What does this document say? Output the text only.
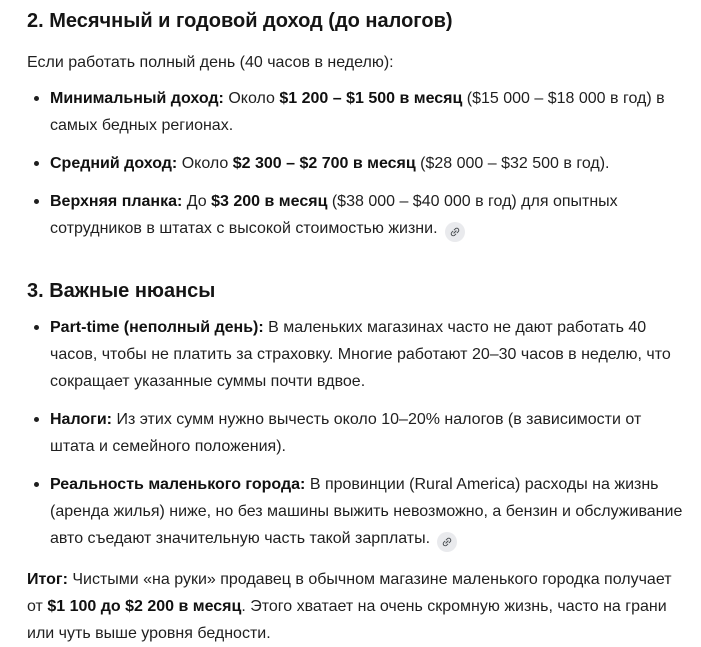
2. Месячный и годовой доход (до налогов)

Если работать полный день (40 часов в неделю):

Минимальный доход: Около $1 200 – $1 500 в месяц ($15 000 – $18 000 в год) в самых бедных регионах.
Средний доход: Около $2 300 – $2 700 в месяц ($28 000 – $32 500 в год).
Верхняя планка: До $3 200 в месяц ($38 000 – $40 000 в год) для опытных сотрудников в штатах с высокой стоимостью жизни.
3. Важные нюансы
Part-time (неполный день): В маленьких магазинах часто не дают работать 40 часов, чтобы не платить за страховку. Многие работают 20–30 часов в неделю, что сокращает указанные суммы почти вдвое.
Налоги: Из этих сумм нужно вычесть около 10–20% налогов (в зависимости от штата и семейного положения).
Реальность маленького города: В провинции (Rural America) расходы на жизнь (аренда жилья) ниже, но без машины выжить невозможно, а бензин и обслуживание авто съедают значительную часть такой зарплаты.

Итог: Чистыми «на руки» продавец в обычном магазине маленького городка получает от $1 100 до $2 200 в месяц. Этого хватает на очень скромную жизнь, часто на грани или чуть выше уровня бедности.
